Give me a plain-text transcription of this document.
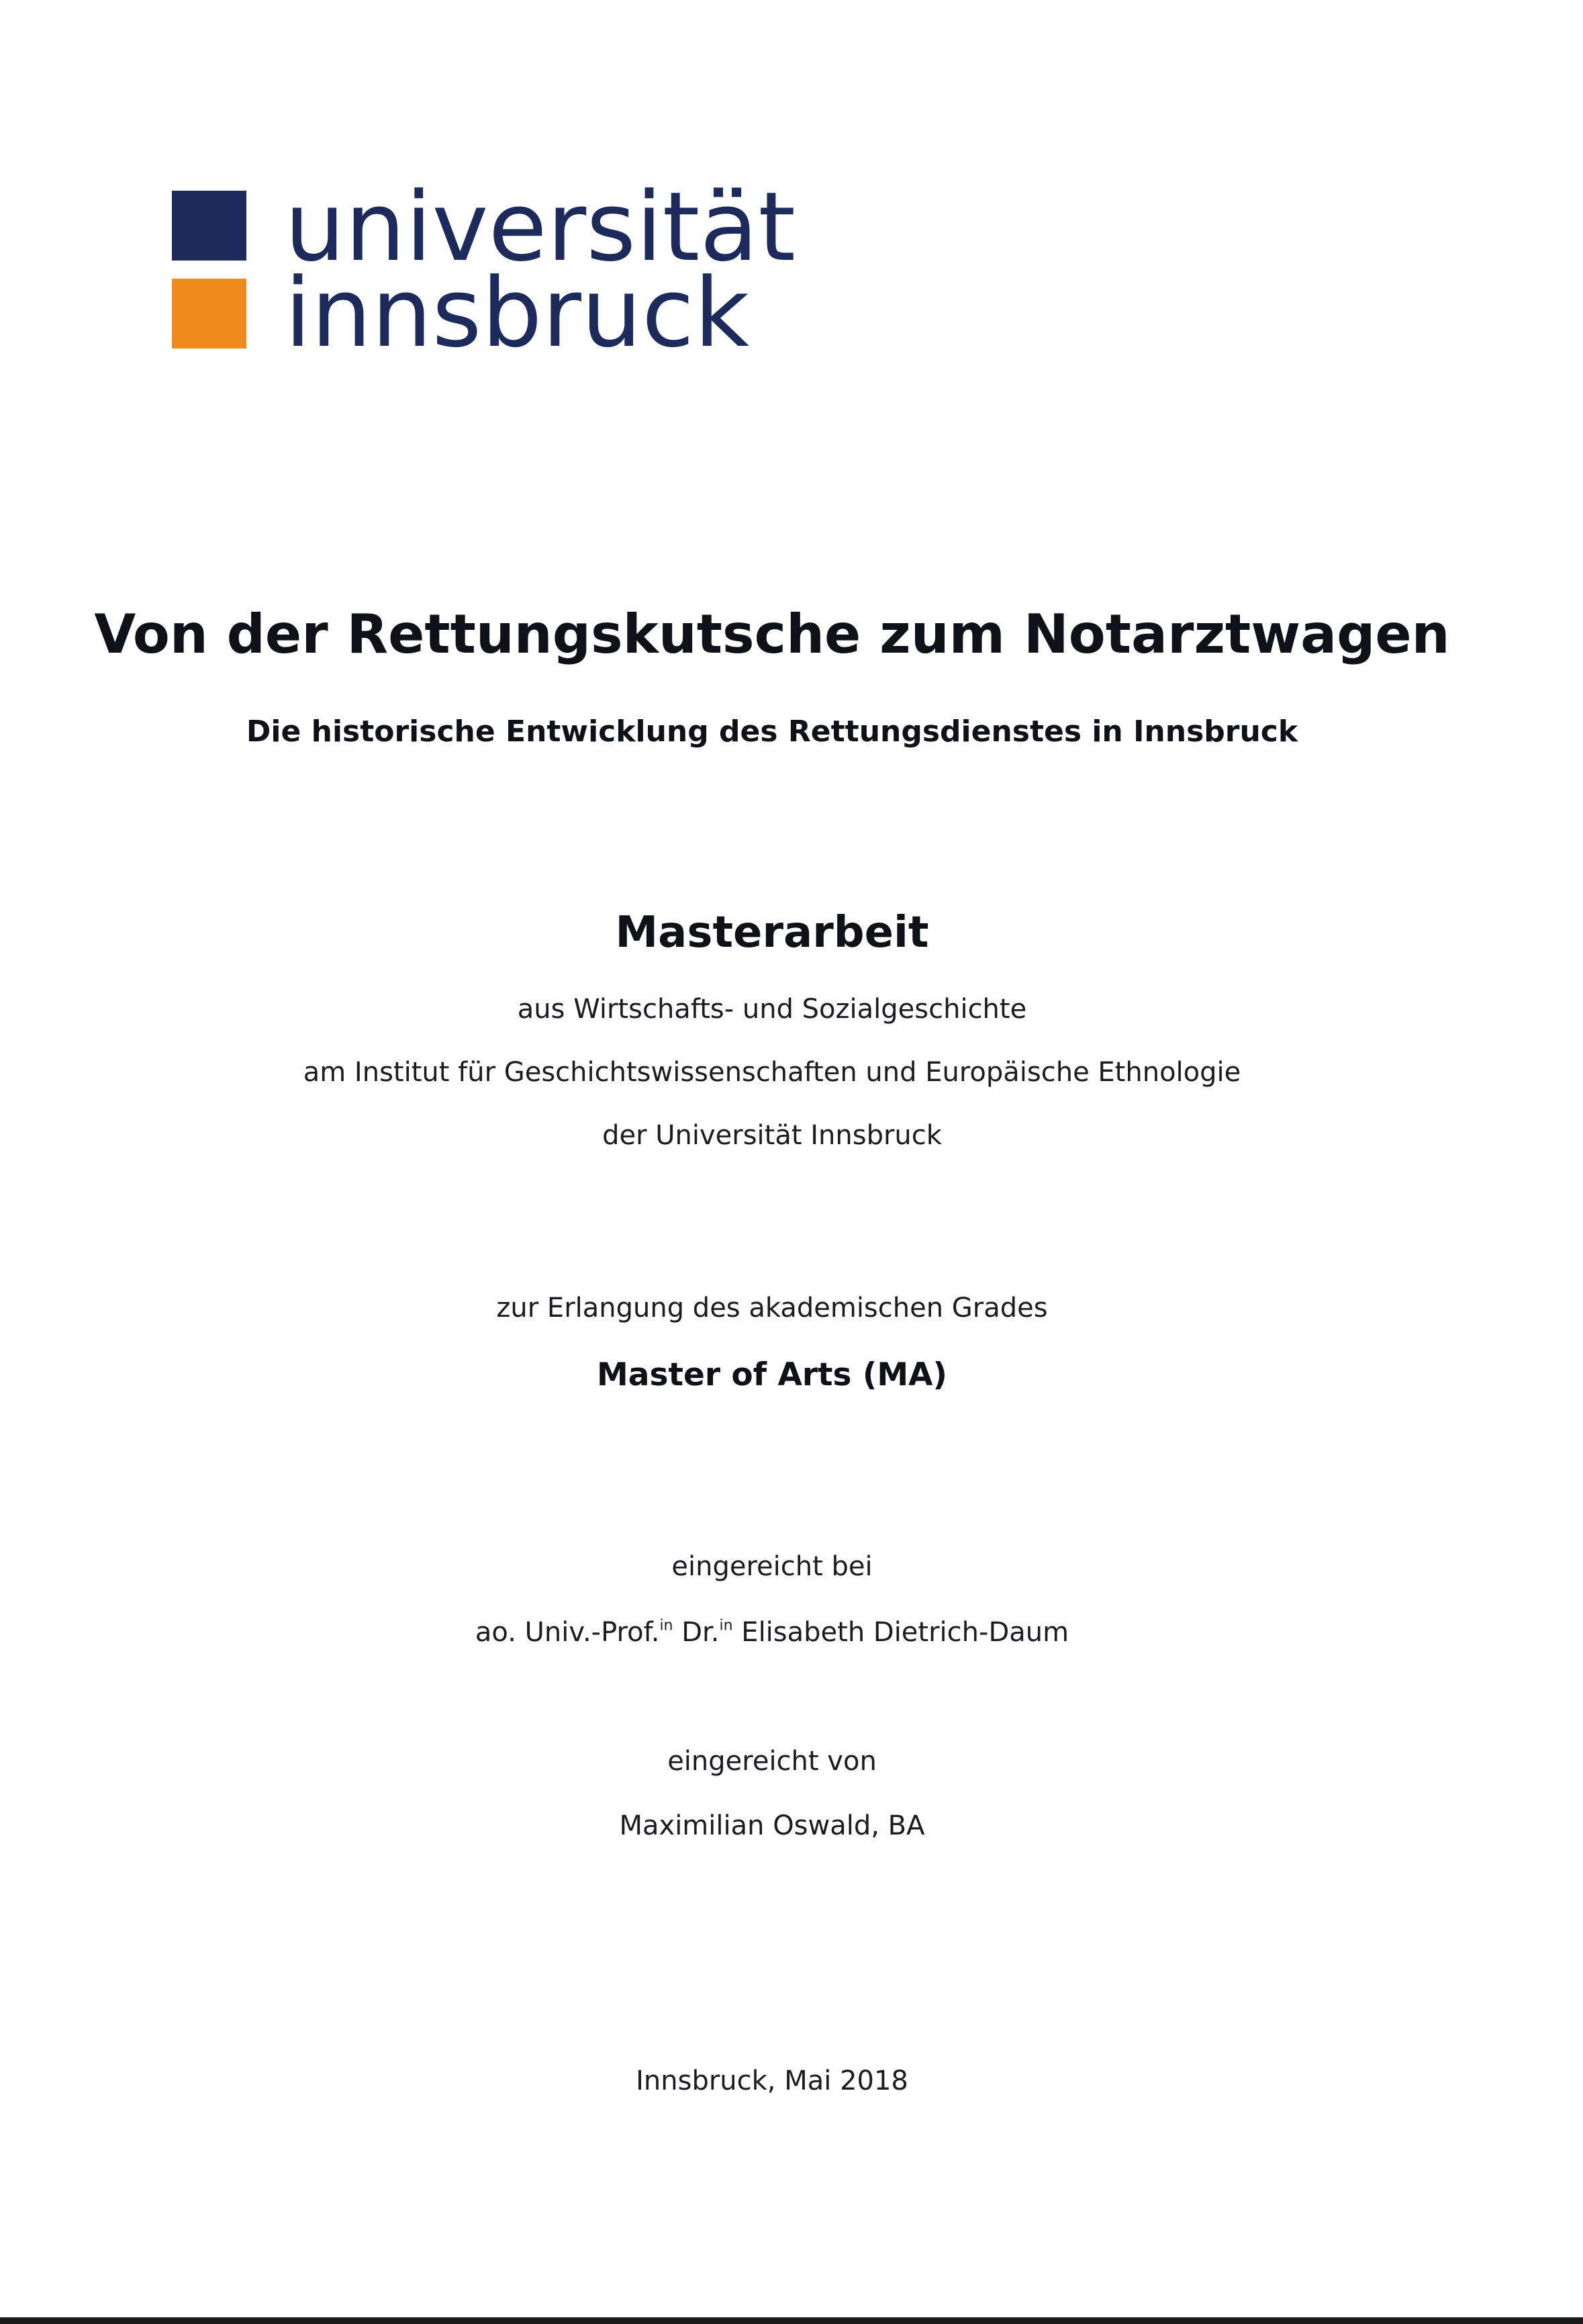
universität

innsbruck

Von der Rettungskutsche zum Notarztwagen
Die historische Entwicklung des Rettungsdienstes in Innsbruck
Masterarbeit

aus Wirtschafts- und Sozialgeschichte

am Institut für Geschichtswissenschaften und Europäische Ethnologie

der Universität Innsbruck

zur Erlangung des akademischen Grades

Master of Arts (MA)

eingereicht bei

ao. Univ.-Prof.$^{in}$ Dr.$^{in}$ Elisabeth Dietrich-Daum

eingereicht von

Maximilian Oswald, BA

Innsbruck, Mai 2018
